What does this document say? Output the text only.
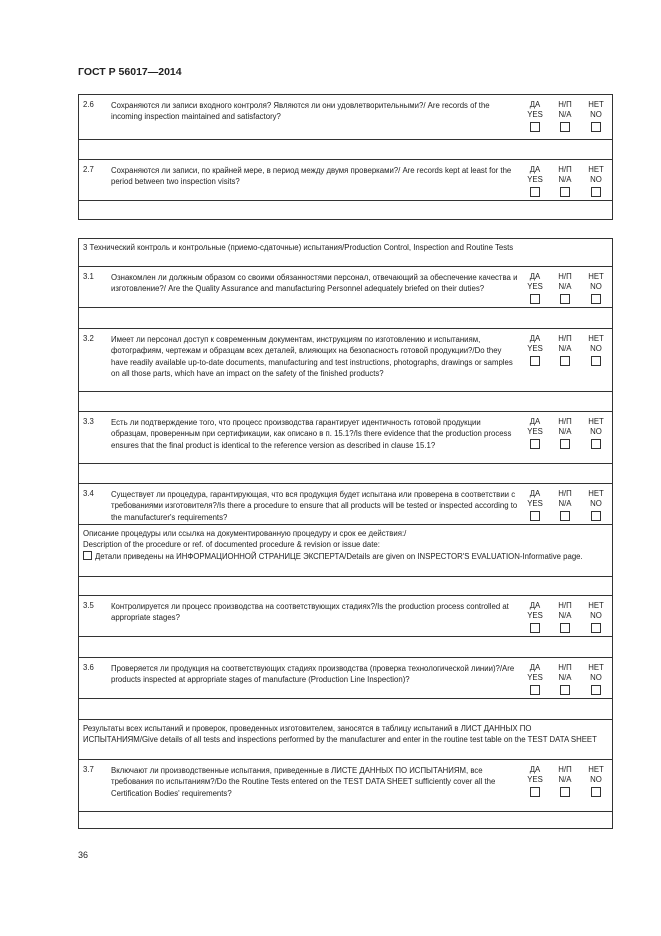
ГОСТ Р 56017—2014
2.6 Сохраняются ли записи входного контроля? Являются ли они удовлетворительными?/ Are records of the incoming inspection maintained and satisfactory?
ДА
YES
Н/П
N/A
НЕТ
NO
2.7 Сохраняются ли записи, по крайней мере, в период между двумя проверками?/ Are records kept at least for the period between two inspection visits?
ДА
YES
Н/П
N/A
НЕТ
NO
3 Технический контроль и контрольные (приемо-сдаточные) испытания/Production Control, Inspection and Routine Tests
3.1 Ознакомлен ли должным образом со своими обязанностями персонал, отвечающий за обеспечение качества и изготовление?/ Are the Quality Assurance and manufacturing Personnel adequately briefed on their duties?
ДА
YES
Н/П
N/A
НЕТ
NO
3.2 Имеет ли персонал доступ к современным документам, инструкциям по изготовлению и испытаниям, фотографиям, чертежам и образцам всех деталей, влияющих на безопасность готовой продукции?/Do they have readily available up-to-date documents, manufacturing and test instructions, photographs, drawings or samples on all those parts, which have an impact on the safety of the finished products?
ДА
YES
Н/П
N/A
НЕТ
NO
3.3 Есть ли подтверждение того, что процесс производства гарантирует идентичность готовой продукции образцам, проверенным при сертификации, как описано в п. 15.1?/Is there evidence that the production process ensures that the final product is identical to the reference version as described in clause 15.1?
ДА
YES
Н/П
N/A
НЕТ
NO
3.4 Существует ли процедура, гарантирующая, что вся продукция будет испытана или проверена в соответствии с требованиями изготовителя?/Is there a procedure to ensure that all products will be tested or inspected according to the manufacturer's requirements?
ДА
YES
Н/П
N/A
НЕТ
NO
Описание процедуры или ссылка на документированную процедуру и срок ее действия:/
Description of the procedure or ref. of documented procedure & revision or issue date:
Детали приведены на ИНФОРМАЦИОННОЙ СТРАНИЦЕ ЭКСПЕРТА/Details are given on INSPECTOR'S EVALUATION-Informative page.
3.5 Контролируется ли процесс производства на соответствующих стадиях?/Is the production process controlled at appropriate stages?
ДА
YES
Н/П
N/A
НЕТ
NO
3.6 Проверяется ли продукция на соответствующих стадиях производства (проверка технологической линии)?/Are products inspected at appropriate stages of manufacture (Production Line Inspection)?
ДА
YES
Н/П
N/A
НЕТ
NO
Результаты всех испытаний и проверок, проведенных изготовителем, заносятся в таблицу испытаний в ЛИСТ ДАННЫХ ПО ИСПЫТАНИЯМ/Give details of all tests and inspections performed by the manufacturer and enter in the routine test table on the TEST DATA SHEET
3.7 Включают ли производственные испытания, приведенные в ЛИСТЕ ДАННЫХ ПО ИСПЫТАНИЯМ, все требования по испытаниям?/Do the Routine Tests entered on the TEST DATA SHEET sufficiently cover all the Certification Bodies' requirements?
ДА
YES
Н/П
N/A
НЕТ
NO
36
